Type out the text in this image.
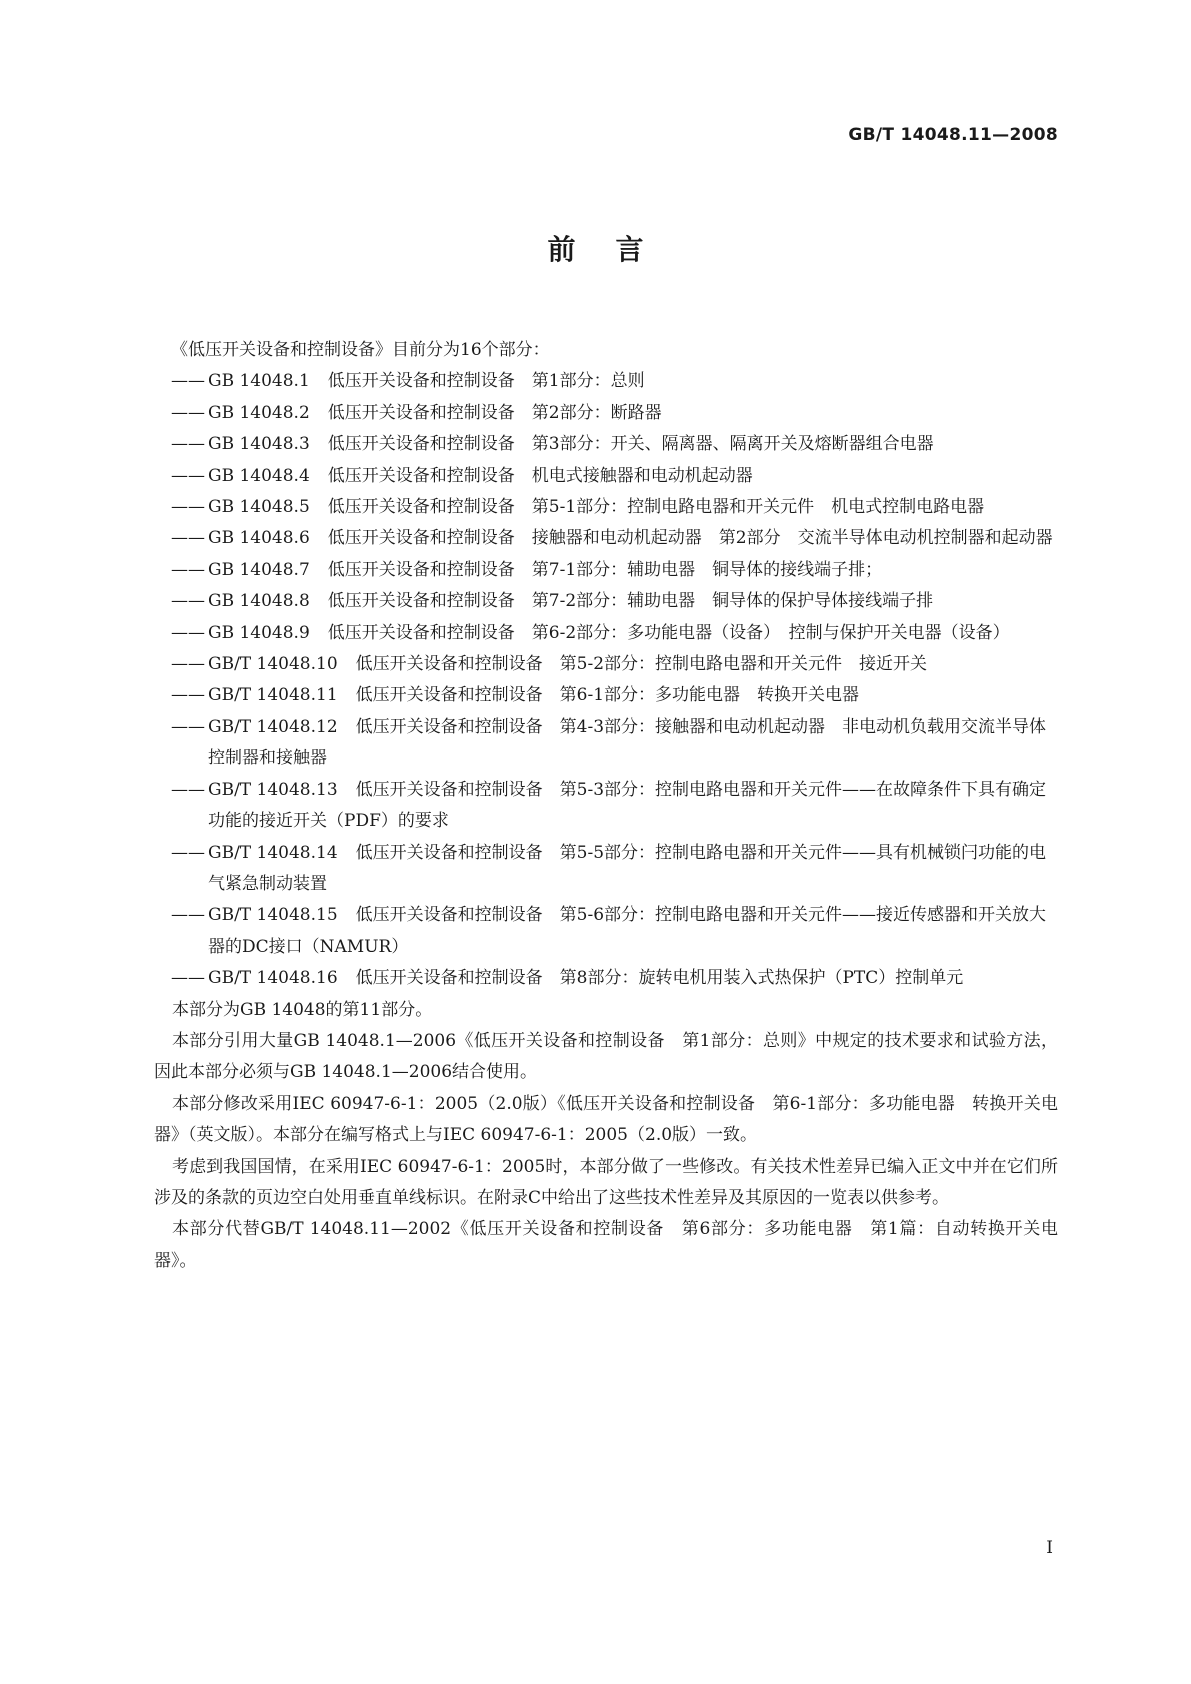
GB/T 14048.11—2008
前言
《低压开关设备和控制设备》目前分为16个部分：
—— GB 14048.1 低压开关设备和控制设备　第1部分：总则
—— GB 14048.2 低压开关设备和控制设备　第2部分：断路器
—— GB 14048.3 低压开关设备和控制设备　第3部分：开关、隔离器、隔离开关及熔断器组合电器
—— GB 14048.4 低压开关设备和控制设备　机电式接触器和电动机起动器
—— GB 14048.5 低压开关设备和控制设备　第5-1部分：控制电路电器和开关元件　机电式控制电路电器
—— GB 14048.6 低压开关设备和控制设备　接触器和电动机起动器　第2部分　交流半导体电动机控制器和起动器
—— GB 14048.7 低压开关设备和控制设备　第7-1部分：辅助电器　铜导体的接线端子排；
—— GB 14048.8 低压开关设备和控制设备　第7-2部分：辅助电器　铜导体的保护导体接线端子排
—— GB 14048.9 低压开关设备和控制设备　第6-2部分：多功能电器（设备）　控制与保护开关电器（设备）
—— GB/T 14048.10 低压开关设备和控制设备　第5-2部分：控制电路电器和开关元件　接近开关
—— GB/T 14048.11 低压开关设备和控制设备　第6-1部分：多功能电器　转换开关电器
—— GB/T 14048.12 低压开关设备和控制设备　第4-3部分：接触器和电动机起动器　非电动机负载用交流半导体控制器和接触器
—— GB/T 14048.13 低压开关设备和控制设备　第5-3部分：控制电路电器和开关元件——在故障条件下具有确定功能的接近开关（PDF）的要求
—— GB/T 14048.14 低压开关设备和控制设备　第5-5部分：控制电路电器和开关元件——具有机械锁闩功能的电气紧急制动装置
—— GB/T 14048.15 低压开关设备和控制设备　第5-6部分：控制电路电器和开关元件——接近传感器和开关放大器的DC接口（NAMUR）
—— GB/T 14048.16 低压开关设备和控制设备　第8部分：旋转电机用装入式热保护（PTC）控制单元
本部分为GB 14048的第11部分。
本部分引用大量GB 14048.1—2006《低压开关设备和控制设备　第1部分：总则》中规定的技术要求和试验方法，因此本部分必须与GB 14048.1—2006结合使用。
本部分修改采用IEC 60947-6-1：2005（2.0版）《低压开关设备和控制设备　第6-1部分：多功能电器　转换开关电器》（英文版）。本部分在编写格式上与IEC 60947-6-1：2005（2.0版）一致。
考虑到我国国情，在采用IEC 60947-6-1：2005时，本部分做了一些修改。有关技术性差异已编入正文中并在它们所涉及的条款的页边空白处用垂直单线标识。在附录C中给出了这些技术性差异及其原因的一览表以供参考。
本部分代替GB/T 14048.11—2002《低压开关设备和控制设备　第6部分：多功能电器　第1篇：自动转换开关电器》。
I
